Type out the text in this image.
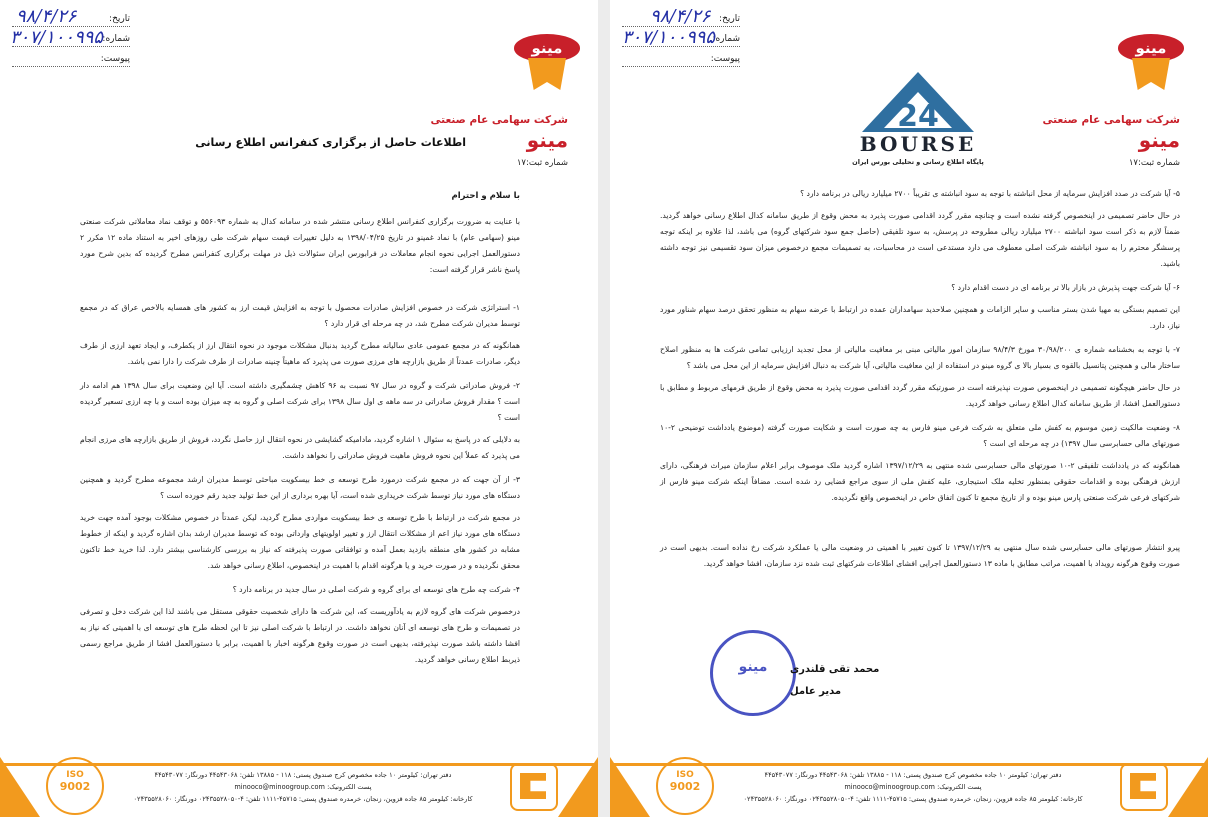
تاریخ:
۹۸/۴/۲۶
شماره:
۳۰۷/۱۰۰۹۹۵
پیوست:
مینو
شرکت سهامی عام صنعتی
مینو
شماره ثبت:۱۷
اطلاعات حاصل از برگزاری کنفرانس اطلاع رسانی

با سلام و احترام

با عنایت به ضرورت برگزاری کنفرانس اطلاع رسانی منتشر شده در سامانه کدال به شماره ۵۵۶۰۹۳ و توقف نماد معاملاتی شرکت صنعتی مینو (سهامی عام) با نماد غمینو در تاریخ ۱۳۹۸/۰۴/۲۵ به دلیل تغییرات قیمت سهام شرکت طی روزهای اخیر به استناد ماده ۱۲ مکرر ۲ دستورالعمل اجرایی نحوه انجام معاملات در فرابورس ایران سئوالات ذیل در مهلت برگزاری کنفرانس مطرح گردیده که بدین شرح مورد پاسخ ناشر قرار گرفته است:

۱- استراتژی شرکت در خصوص افزایش صادرات محصول با توجه به افزایش قیمت ارز به کشور های همسایه بالاخص عراق که در مجمع توسط مدیران شرکت مطرح شد، در چه مرحله ای قرار دارد ؟

همانگونه که در مجمع عمومی عادی سالیانه مطرح گردید بدنبال مشکلات موجود در نحوه انتقال ارز از یکطرف، و ایجاد تعهد ارزی از طرف دیگر، صادرات عمدتاً از طریق بازارچه های مرزی صورت می پذیرد که ماهیتاً چنینه صادرات از طرف شرکت را دارا نمی باشد.

۲- فروش صادراتی شرکت و گروه در سال ۹۷ نسبت به ۹۶ کاهش چشمگیری داشته است. آیا این وضعیت برای سال ۱۳۹۸ هم ادامه دار است ؟ مقدار فروش صادراتی در سه ماهه ی اول سال ۱۳۹۸ برای شرکت اصلی و گروه به چه میزان بوده است و با چه ارزی تسعیر گردیده است ؟

به دلایلی که در پاسخ به سئوال ۱ اشاره گردید، مادامیکه گشایشی در نحوه انتقال ارز حاصل نگردد، فروش از طریق بازارچه های مرزی انجام می پذیرد که عملاً این نحوه فروش ماهیت فروش صادراتی را نخواهد داشت.

۳- از آن جهت که در مجمع شرکت درمورد طرح توسعه ی خط بیسکویت مباحثی توسط مدیران ارشد مجموعه مطرح گردید و همچنین دستگاه های مورد نیاز توسط شرکت خریداری شده است، آیا بهره برداری از این خط تولید جدید رقم خورده است ؟

در مجمع شرکت در ارتباط با طرح توسعه ی خط بیسکویت مواردی مطرح گردید، لیکن عمدتاً در خصوص مشکلات بوجود آمده جهت خرید دستگاه های مورد نیاز اعم از مشکلات انتقال ارز و تغییر اولویتهای وارداتی بوده که توسط مدیران ارشد بدان اشاره گردید و اینکه از خطوط مشابه در کشور های منطقه بازدید بعمل آمده و توافقاتی صورت پذیرفته که نیاز به بررسی کارشناسی بیشتر دارد. لذا خرید خط تاکنون محقق نگردیده و در صورت خرید و یا هرگونه اقدام با اهمیت در اینخصوص، اطلاع رسانی خواهد شد.

۴- شرکت چه طرح های توسعه ای برای گروه و شرکت اصلی در سال جدید در برنامه دارد ؟

درخصوص شرکت های گروه لازم به یادآوریست که، این شرکت ها دارای شخصیت حقوقی مستقل می باشند لذا این شرکت دخل و تصرفی در تصمیمات و طرح های توسعه ای آنان نخواهد داشت. در ارتباط با شرکت اصلی نیز تا این لحظه طرح های توسعه ای با اهمیتی که نیاز به افشا داشته باشد صورت نپذیرفته، بدیهی است در صورت وقوع هرگونه اخبار با اهمیت، برابر با دستورالعمل افشا از طریق مراجع رسمی ذیربط اطلاع رسانی خواهد گردید.

ISO
9002
دفتر تهران: کیلومتر ۱۰ جاده مخصوص کرج صندوق پستی: ۱۱۸ - ۱۳۸۸۵ تلفن: ۴۴۵۴۳۰۶۸ دورنگار: ۴۴۵۴۳۰۷۷
پست الکترونیک: minooco@minoogroup.com
کارخانه: کیلومتر ۸۵ جاده قزوین، زنجان، خرمدره صندوق پستی: ۴۵۷۱۵-۱۱۱۱ تلفن: ۴-۰۲۴۳۵۵۲۸۰۵۰ دورنگار: ۰۲۴۳۵۵۲۸۰۶۰
تاریخ:
۹۸/۴/۲۶
شماره:
۳۰۷/۱۰۰۹۹۵
پیوست:
مینو
شرکت سهامی عام صنعتی
مینو
شماره ثبت:۱۷
24
BOURSE
پایگاه اطلاع رسانی و تحلیلی بورس ایران

۵- آیا شرکت در صدد افزایش سرمایه از محل انباشته با توجه به سود انباشته ی تقریباً ۲۷۰۰ میلیارد ریالی در برنامه دارد ؟

در حال حاضر تصمیمی در اینخصوص گرفته نشده است و چنانچه مقرر گردد اقدامی صورت پذیرد به محض وقوع از طریق سامانه کدال اطلاع رسانی خواهد گردید. ضمناً لازم به ذکر است سود انباشته ۲۷۰۰ میلیارد ریالی مطروحه در پرسش، به سود تلفیقی (حاصل جمع سود شرکتهای گروه) می باشد، لذا علاوه بر اینکه توجه پرسشگر محترم را به سود انباشته شرکت اصلی معطوف می دارد مستدعی است در محاسبات، به تصمیمات مجمع درخصوص میزان سود تقسیمی نیز توجه داشته باشید.

۶- آیا شرکت جهت پذیرش در بازار بالا تر برنامه ای در دست اقدام دارد ؟

این تصمیم بستگی به مهیا شدن بستر مناسب و سایر الزامات و همچنین صلاحدید سهامداران عمده در ارتباط با عرضه سهام به منظور تحقق درصد سهام شناور مورد نیاز، دارد.

۷- با توجه به بخشنامه شماره ی ۳۰/۹۸/۲۰۰ مورخ ۹۸/۴/۳ سازمان امور مالیاتی مبنی بر معافیت مالیاتی از محل تجدید ارزیابی تمامی شرکت ها به منظور اصلاح ساختار مالی و همچنین پتانسیل بالقوه ی بسیار بالا ی گروه مینو در استفاده از این معافیت مالیاتی، آیا شرکت به دنبال افزایش سرمایه از این محل می باشد ؟

در حال حاضر هیچگونه تصمیمی در اینخصوص صورت نپذیرفته است در صورتیکه مقرر گردد اقدامی صورت پذیرد به محض وقوع از طریق فرمهای مربوط و مطابق با دستورالعمل افشا، از طریق سامانه کدال اطلاع رسانی خواهد گردید.

۸- وضعیت مالکیت زمین موسوم به کفش ملی متعلق به شرکت فرعی مینو فارس به چه صورت است و شکایت صورت گرفته (موضوع یادداشت توضیحی ۲-۱۰ صورتهای مالی حسابرسی سال ۱۳۹۷) در چه مرحله ای است ؟

همانگونه که در یادداشت تلفیقی ۲-۱۰ صورتهای مالی حسابرسی شده منتهی به ۱۳۹۷/۱۲/۲۹ اشاره گردید ملک موصوف برابر اعلام سازمان میراث فرهنگی، دارای ارزش فرهنگی بوده و اقدامات حقوقی بمنظور تخلیه ملک استیجاری، علیه کفش ملی از سوی مراجع قضایی رد شده است. مضافاً اینکه شرکت مینو فارس از شرکتهای فرعی شرکت صنعتی پارس مینو بوده و از تاریخ مجمع تا کنون اتفاق خاص در اینخصوص واقع نگردیده.

پیرو انتشار صورتهای مالی حسابرسی شده سال منتهی به ۱۳۹۷/۱۲/۲۹ تا کنون تغییر با اهمیتی در وضعیت مالی یا عملکرد شرکت رخ نداده است. بدیهی است در صورت وقوع هرگونه رویداد با اهمیت، مراتب مطابق با ماده ۱۳ دستورالعمل اجرایی افشای اطلاعات شرکتهای ثبت شده نزد سازمان، افشا خواهد گردید.

مینو	محمد تقی قلندری
مدیر عامل
ISO
9002
دفتر تهران: کیلومتر ۱۰ جاده مخصوص کرج صندوق پستی: ۱۱۸ - ۱۳۸۸۵ تلفن: ۴۴۵۴۳۰۶۸ دورنگار: ۴۴۵۴۳۰۷۷
پست الکترونیک: minooco@minoogroup.com
کارخانه: کیلومتر ۸۵ جاده قزوین، زنجان، خرمدره صندوق پستی: ۴۵۷۱۵-۱۱۱۱ تلفن: ۴-۰۲۴۳۵۵۲۸۰۵۰ دورنگار: ۰۲۴۳۵۵۲۸۰۶۰
